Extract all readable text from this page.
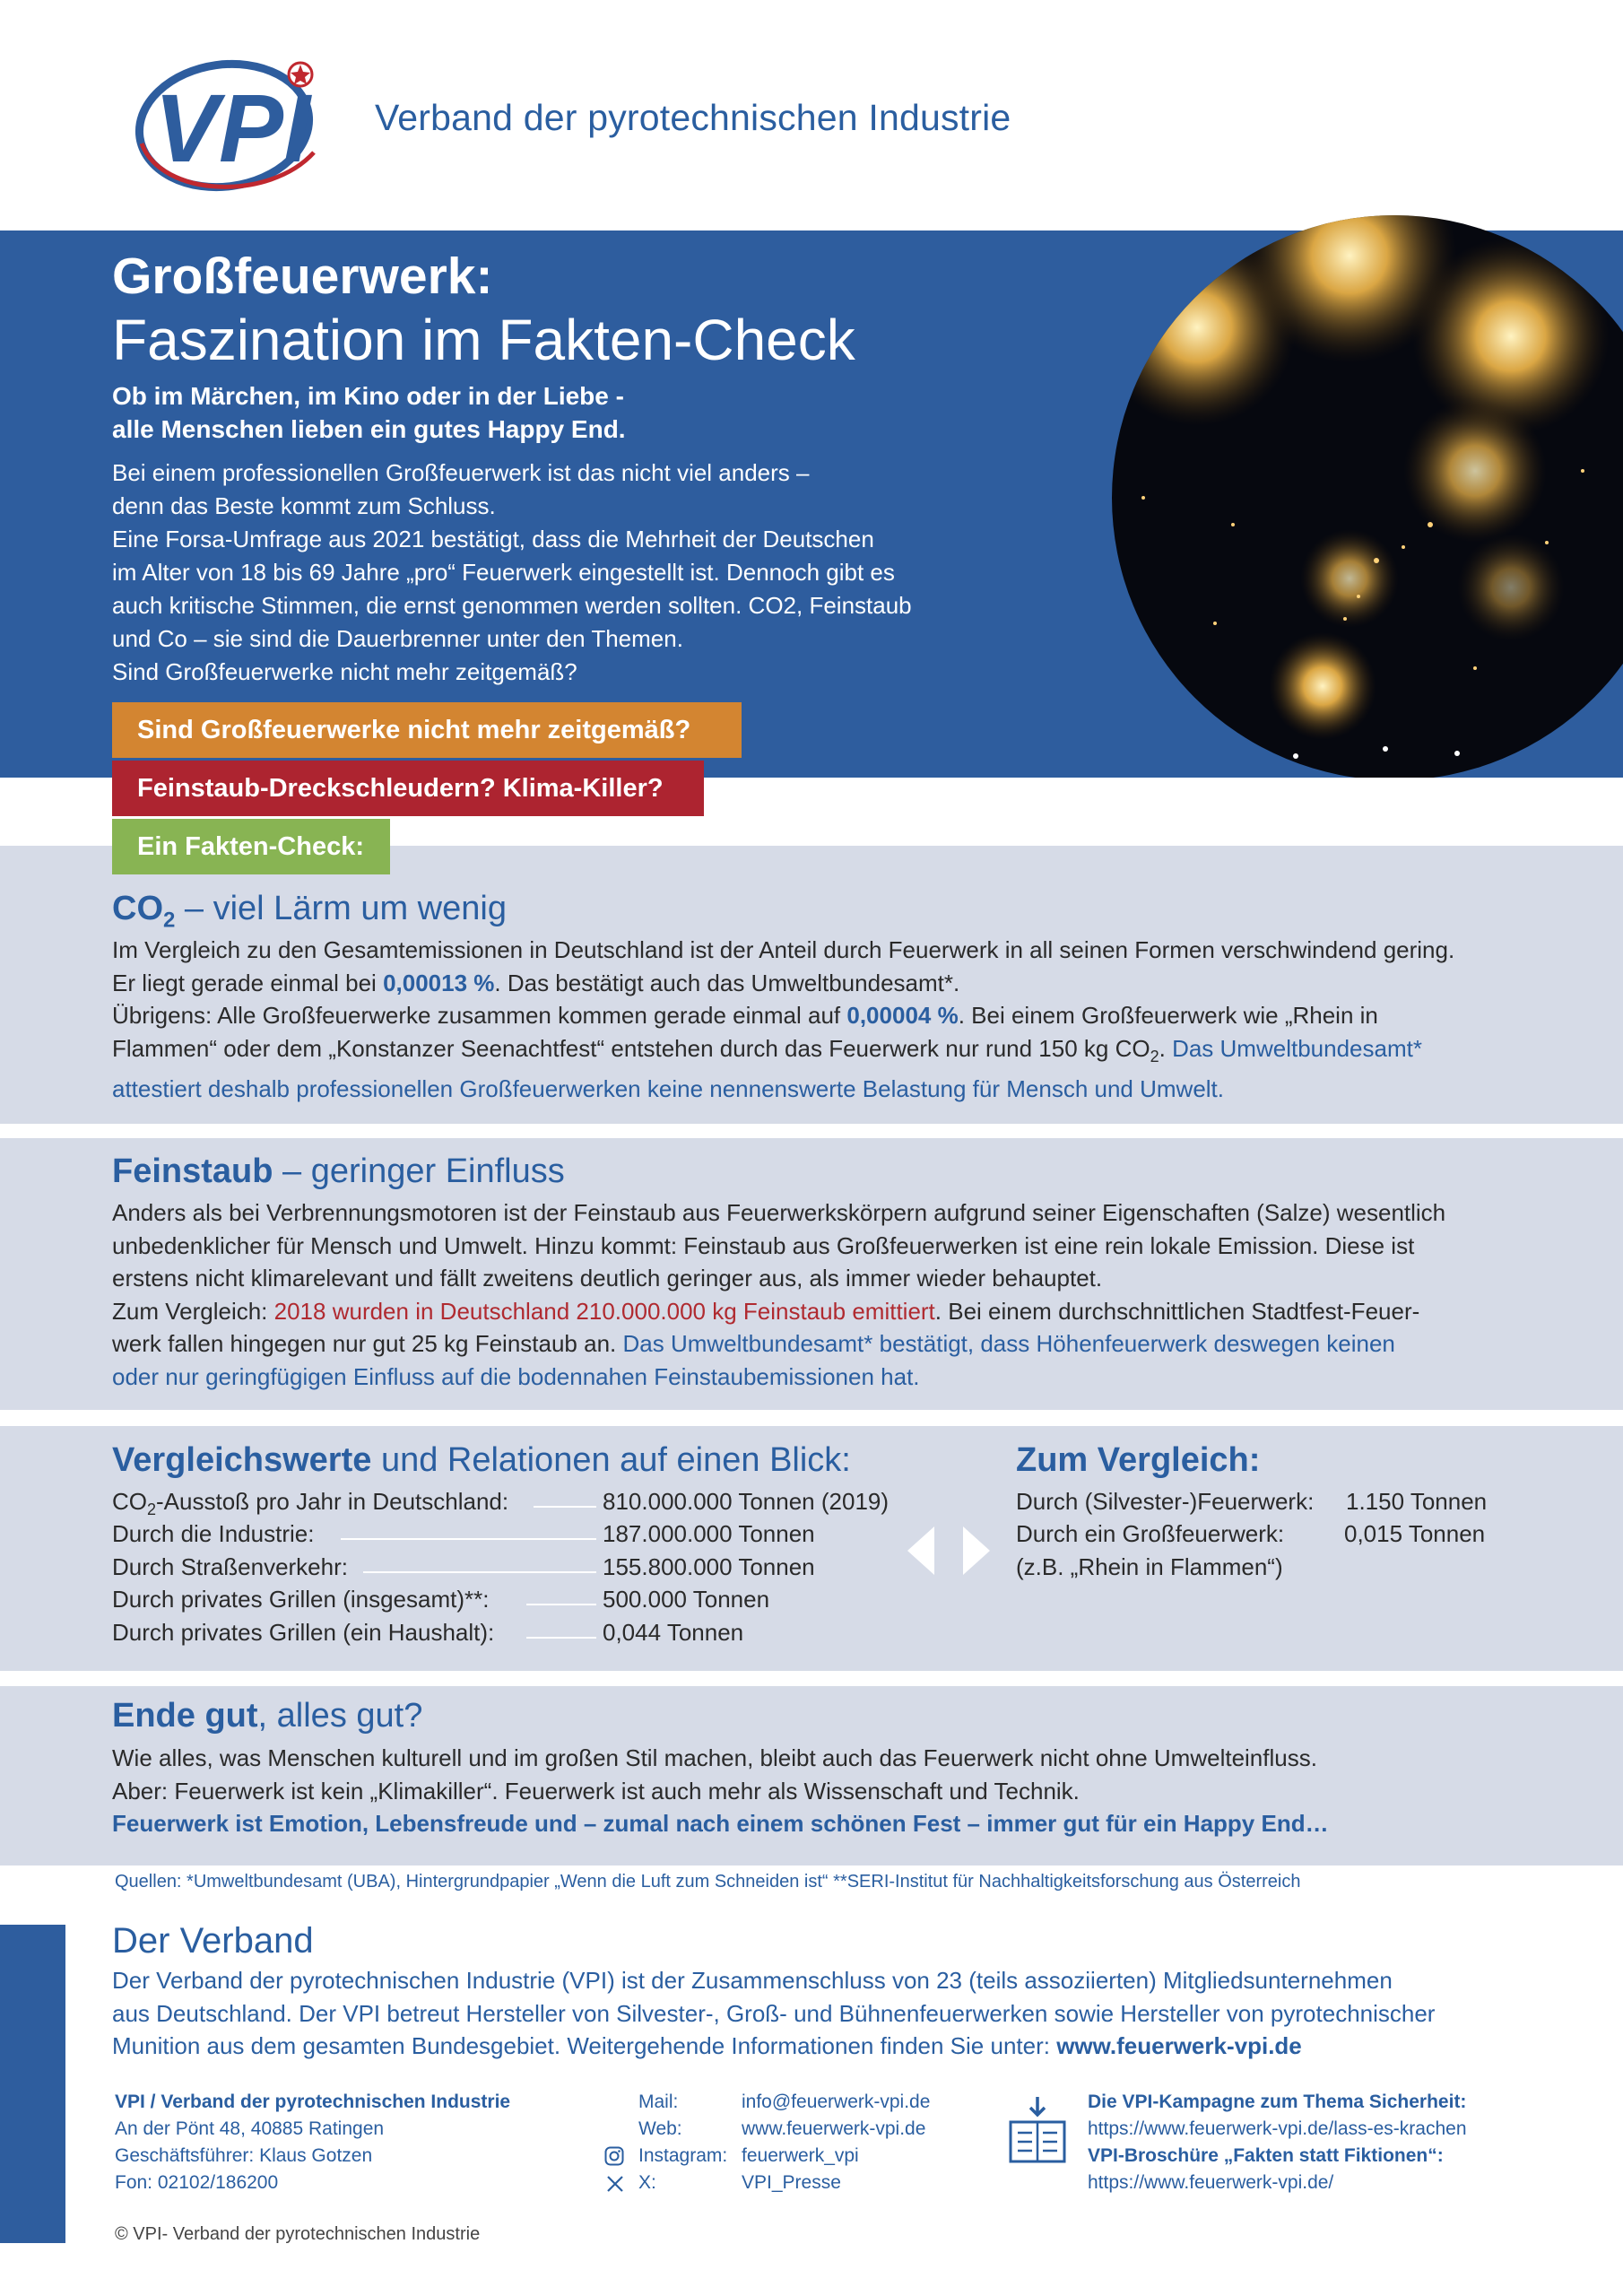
VPI Verband der pyrotechnischen Industrie
Großfeuerwerk:
Faszination im Fakten-Check
Ob im Märchen, im Kino oder in der Liebe -
alle Menschen lieben ein gutes Happy End.

Bei einem professionellen Großfeuerwerk ist das nicht viel anders –

denn das Beste kommt zum Schluss.

Eine Forsa-Umfrage aus 2021 bestätigt, dass die Mehrheit der Deutschen

im Alter von 18 bis 69 Jahre „pro“ Feuerwerk eingestellt ist. Dennoch gibt es

auch kritische Stimmen, die ernst genommen werden sollten. CO2, Feinstaub

und Co – sie sind die Dauerbrenner unter den Themen.

Sind Großfeuerwerke nicht mehr zeitgemäß?

Sind Großfeuerwerke nicht mehr zeitgemäß?
Feinstaub-Dreckschleudern? Klima-Killer?
Ein Fakten-Check:
$CO_2$ – viel Lärm um wenig

Im Vergleich zu den Gesamtemissionen in Deutschland ist der Anteil durch Feuerwerk in all seinen Formen verschwindend gering.

Er liegt gerade einmal bei 0,00013 %. Das bestätigt auch das Umweltbundesamt*.

Übrigens: Alle Großfeuerwerke zusammen kommen gerade einmal auf 0,00004 %. Bei einem Großfeuerwerk wie „Rhein in

Flammen“ oder dem „Konstanzer Seenachtfest“ entstehen durch das Feuerwerk nur rund 150 kg $CO_2$. Das Umweltbundesamt*

attestiert deshalb professionellen Großfeuerwerken keine nennenswerte Belastung für Mensch und Umwelt.

Feinstaub – geringer Einfluss

Anders als bei Verbrennungsmotoren ist der Feinstaub aus Feuerwerkskörpern aufgrund seiner Eigenschaften (Salze) wesentlich

unbedenklicher für Mensch und Umwelt. Hinzu kommt: Feinstaub aus Großfeuerwerken ist eine rein lokale Emission. Diese ist

erstens nicht klimarelevant und fällt zweitens deutlich geringer aus, als immer wieder behauptet.

Zum Vergleich: 2018 wurden in Deutschland 210.000.000 kg Feinstaub emittiert. Bei einem durchschnittlichen Stadtfest-Feuer-

werk fallen hingegen nur gut 25 kg Feinstaub an. Das Umweltbundesamt* bestätigt, dass Höhenfeuerwerk deswegen keinen

oder nur geringfügigen Einfluss auf die bodennahen Feinstaubemissionen hat.

Vergleichswerte und Relationen auf einen Blick:
$CO_2$-Ausstoß pro Jahr in Deutschland:	810.000.000 Tonnen (2019)
Durch die Industrie:	187.000.000 Tonnen
Durch Straßenverkehr:	155.800.000 Tonnen
Durch privates Grillen (insgesamt)**:	500.000 Tonnen
Durch privates Grillen (ein Haushalt):	0,044 Tonnen
Zum Vergleich:
Durch (Silvester-)Feuerwerk: 1.150 Tonnen
Durch ein Großfeuerwerk:	0,015 Tonnen
(z.B. „Rhein in Flammen“)
Ende gut, alles gut?

Wie alles, was Menschen kulturell und im großen Stil machen, bleibt auch das Feuerwerk nicht ohne Umwelteinfluss.

Aber: Feuerwerk ist kein „Klimakiller“. Feuerwerk ist auch mehr als Wissenschaft und Technik.

Feuerwerk ist Emotion, Lebensfreude und – zumal nach einem schönen Fest – immer gut für ein Happy End…

Quellen: *Umweltbundesamt (UBA), Hintergrundpapier „Wenn die Luft zum Schneiden ist“ **SERI-Institut für Nachhaltigkeitsforschung aus Österreich
Der Verband
Der Verband der pyrotechnischen Industrie (VPI) ist der Zusammenschluss von 23 (teils assoziierten) Mitgliedsunternehmen
aus Deutschland. Der VPI betreut Hersteller von Silvester-, Groß- und Bühnenfeuerwerken sowie Hersteller von pyrotechnischer
Munition aus dem gesamten Bundesgebiet. Weitergehende Informationen finden Sie unter: www.feuerwerk-vpi.de
VPI / Verband der pyrotechnischen Industrie
An der Pönt 48, 40885 Ratingen
Geschäftsführer: Klaus Gotzen
Fon: 02102/186200
Mail:	info@feuerwerk-vpi.de
Web:	www.feuerwerk-vpi.de
Instagram: feuerwerk_vpi
X:	VPI_Presse
Die VPI-Kampagne zum Thema Sicherheit:
https://www.feuerwerk-vpi.de/lass-es-krachen
VPI-Broschüre „Fakten statt Fiktionen“:
https://www.feuerwerk-vpi.de/
© VPI- Verband der pyrotechnischen Industrie
